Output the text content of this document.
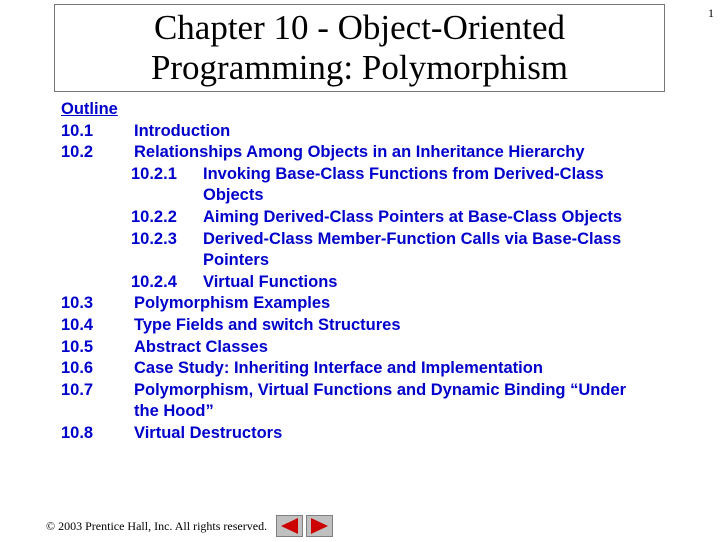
Chapter 10 - Object-Oriented
Programming: Polymorphism
1
Outline
10.1 Introduction
10.2 Relationships Among Objects in an Inheritance Hierarchy
10.2.1 Invoking Base-Class Functions from Derived-Class
Objects
10.2.2 Aiming Derived-Class Pointers at Base-Class Objects
10.2.3 Derived-Class Member-Function Calls via Base-Class
Pointers
10.2.4 Virtual Functions
10.3 Polymorphism Examples
10.4 Type Fields and switch Structures
10.5 Abstract Classes
10.6 Case Study: Inheriting Interface and Implementation
10.7 Polymorphism, Virtual Functions and Dynamic Binding “Under
the Hood”
10.8 Virtual Destructors
© 2003 Prentice Hall, Inc. All rights reserved.
